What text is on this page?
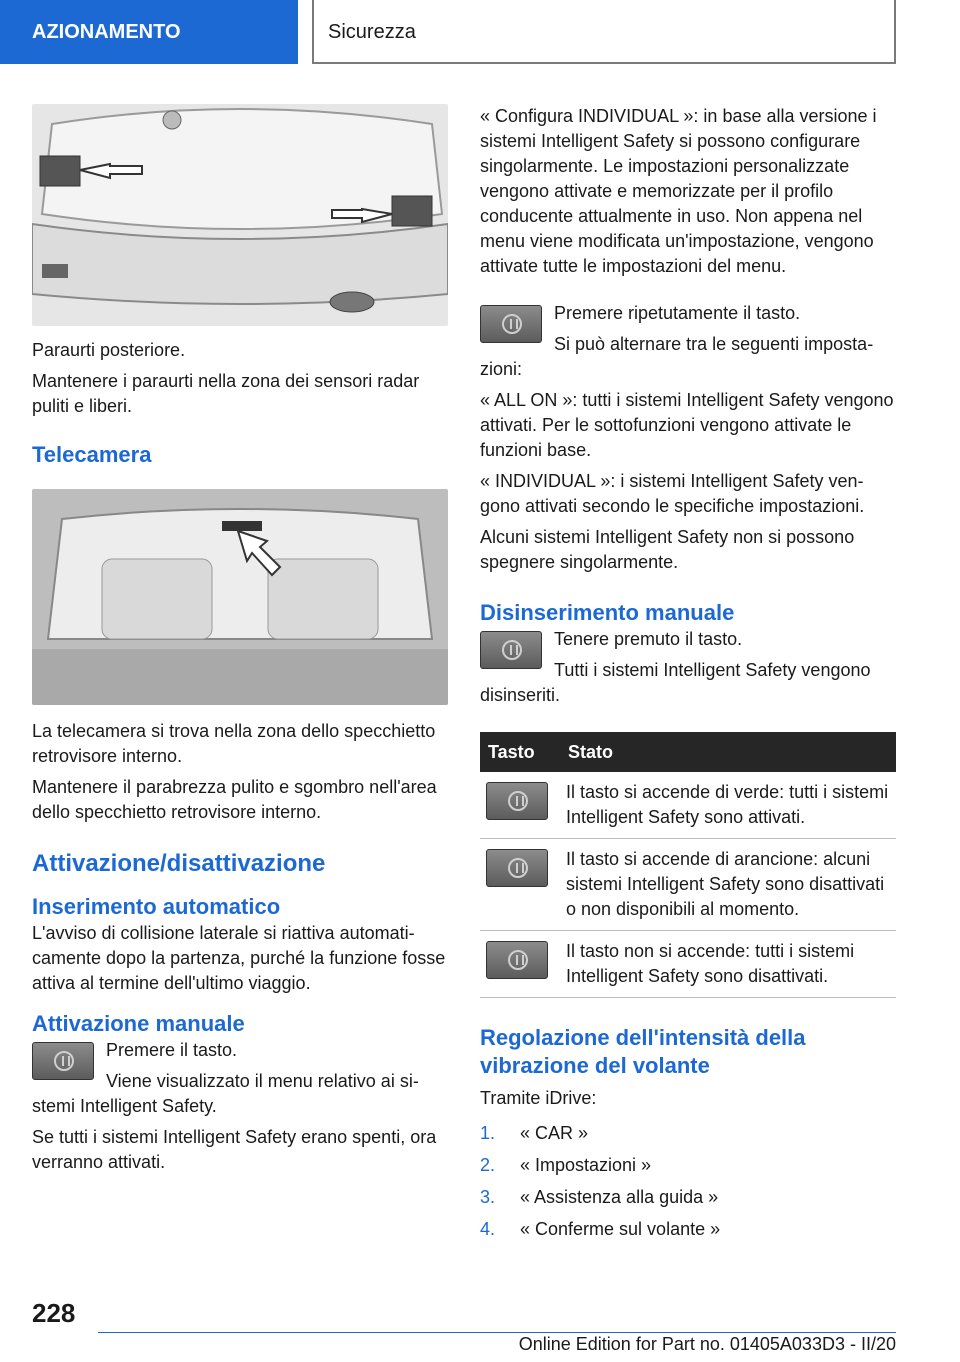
AZIONAMENTO	Sicurezza

Paraurti posteriore.

Mantenere i paraurti nella zona dei sensori radar puliti e liberi.

Telecamera

La telecamera si trova nella zona dello specchietto retrovisore interno.

Mantenere il parabrezza pulito e sgombro nell'area dello specchietto retrovisore interno.

Attivazione/disattivazione
Inserimento automatico

L'avviso di collisione laterale si riattiva automaticamente dopo la partenza, purché la funzione fosse attiva al termine dell'ultimo viaggio.

Attivazione manuale

Premere il tasto.

Viene visualizzato il menu relativo ai sistemi Intelligent Safety.

Se tutti i sistemi Intelligent Safety erano spenti, ora verranno attivati.

« Configura INDIVIDUAL »: in base alla versione i sistemi Intelligent Safety si possono configurare singolarmente. Le impostazioni personalizzate vengono attivate e memorizzate per il profilo conducente attualmente in uso. Non appena nel menu viene modificata un'impostazione, vengono attivate tutte le impostazioni del menu.

Premere ripetutamente il tasto.

Si può alternare tra le seguenti impostazioni:

« ALL ON »: tutti i sistemi Intelligent Safety vengono attivati. Per le sottofunzioni vengono attivate le funzioni base.

« INDIVIDUAL »: i sistemi Intelligent Safety vengono attivati secondo le specifiche impostazioni.

Alcuni sistemi Intelligent Safety non si possono spegnere singolarmente.

Disinserimento manuale

Tenere premuto il tasto.

Tutti i sistemi Intelligent Safety vengono disinseriti.

Tasto	Stato

	Il tasto si accende di verde: tutti i sistemi Intelligent Safety sono attivati.

	Il tasto si accende di arancione: alcuni sistemi Intelligent Safety sono disattivati o non disponibili al momento.

	Il tasto non si accende: tutti i sistemi Intelligent Safety sono disattivati.
Regolazione dell'intensità della vibrazione del volante

Tramite iDrive:

1. « CAR »
2. « Impostazioni »
3. « Assistenza alla guida »
4. « Conferme sul volante »
228
Online Edition for Part no. 01405A033D3 - II/20
